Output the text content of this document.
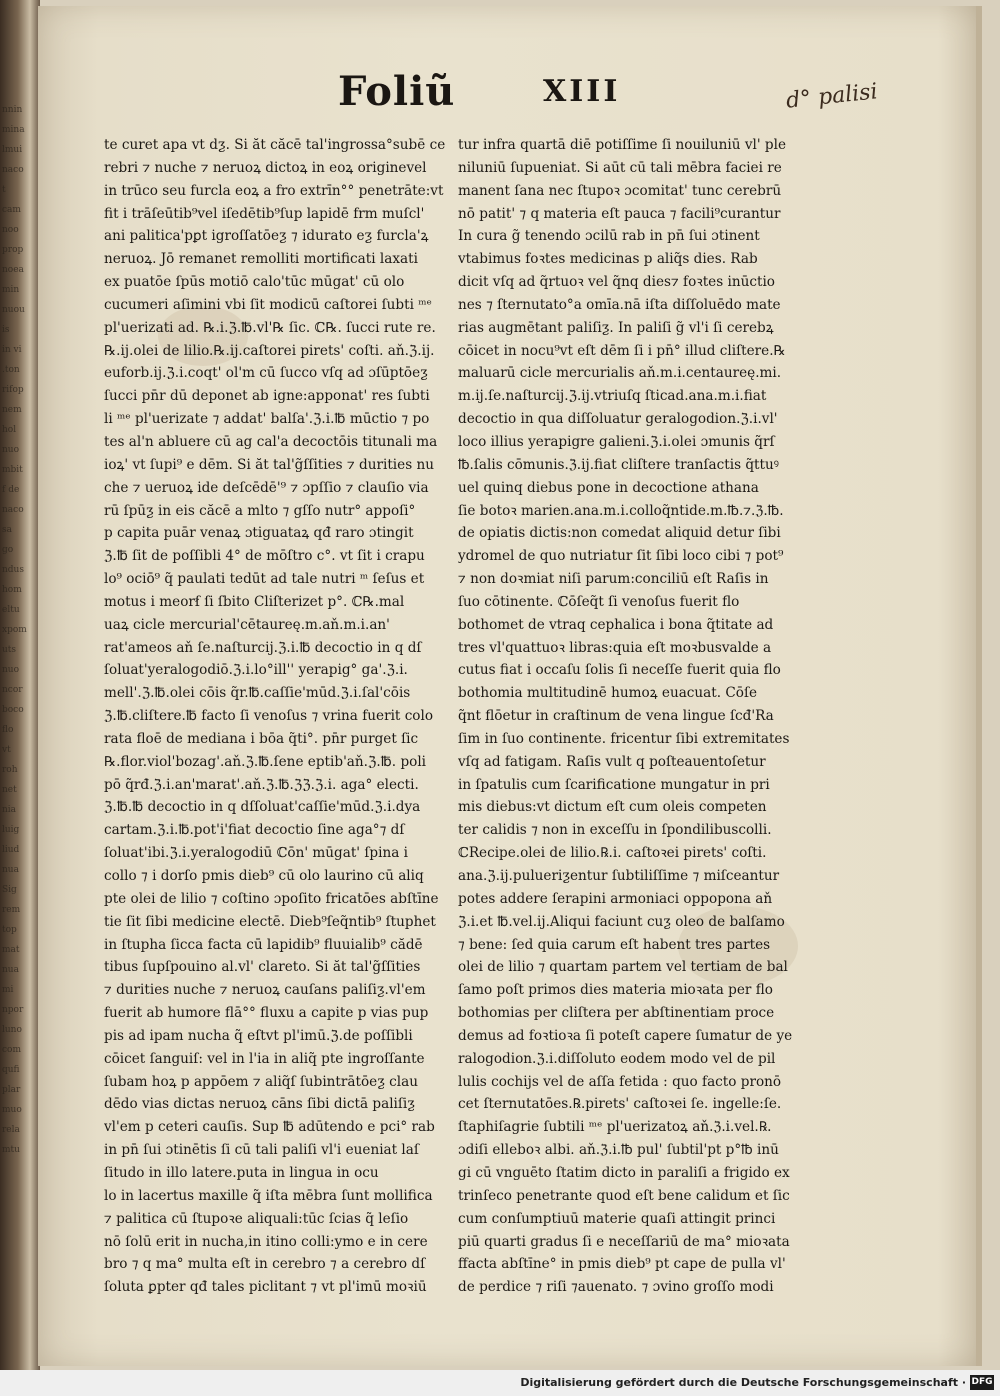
nnin
mina
lmui
naco
t
cam
noo
prop
noea
min
nuou
is
in vi
.ton
rifop
nem
hol
nuo
mbit
f de
naco
sa
go
ndus
hom
eltu
xpom
uts
nuo
ncor
boco
flo
vt
roh
net
nia
luig
liud
nua
Sig
rem
top
mat
nua
mi
npor
luno
com
qufi
plar
muo
rela
mtu
Foliũ	XIII	d° palisi
te curet apa vt dƺ. Si ăt căcē tal'ingrossa°subē ce
rebri ⁊ nuche ⁊ neruoꝝ dictoꝝ in eoꝝ originevel
in trūco seu furcla eoꝝ a fro extrīn°° penetrāte:vt
fit i trāſeūtib⁹vel iſedētib⁹ſup lapidē frm muſcl'
ani palitica'pꝑt igroſſatōeƺ ⁊ idurato eƺ furcla'ꝝ
neruoꝝ. Jō remanet remolliti mortificati laxati
ex puatōe ſpūs motiō calo'tūc mūgat' cū olo
cucumeri aſimini vbi ſit modicū caſtorei ſubti ᵐᵉ
pl'uerizati ad. ℞.i.ℨ.℔.vl'℞ ſic. ℂ℞. ſucci rute re.
℞.ij.olei de lilio.℞.ij.caſtorei pirets' coſti. aň.ℨ.ij.
euforb.ij.ℨ.i.coqt' ol'm cū ſucco vſq ad ɔſūptōeƺ
ſucci pn̄r dū deponet ab igne:apponat' res ſubti
li ᵐᵉ pl'uerizate ⁊ addat' balſa'.ℨ.i.℔ mūctio ⁊ po
tes al'n abluere cū ag cal'a decoctōis titunali ma
ioꝝ' vt ſupi⁹ e dēm. Si ăt tal'g̃ſſities ⁊ durities nu
che ⁊ ueruoꝝ ide deſcēdē'⁹ ⁊ ɔpſſio ⁊ clauſio via
rū ſpūƺ in eis căcē a mlto ⁊ gſſo nutr° appoſi°
p capita puār venaꝝ ɔtiguataꝝ qđ raro ɔtingit
ℨ.℔ ſit de poſſibli 4° de mōſtro c°. vt ſit i crapu
lo⁹ ociō⁹ q̃ paulati tedūt ad tale nutri ᵐ ſeſus et
motus i meorẜ ſi ſbito Cliſterizet p°. ℂ℞.mal
uaꝝ cicle mercurial'cētaureę.m.aň.m.i.an'
rat'ameos aň ſe.naſturcij.ℨ.i.℔ decoctio in q dſ
ſoluat'yeralogodiō.ℨ.i.lo°ill'' yerapig° ga'.ℨ.i.
mell'.ℨ.℔.olei cōis q̃r.℔.caſſie'mūd.ℨ.i.ſal'cōis
ℨ.℔.cliſtere.℔ facto ſi venoſus ⁊ vrina fuerit colo
rata floē de mediana i bōa q̃ti°. pn̄r purget ſic
℞.flor.viol'bozag'.aň.ℨ.℔.ſene eptib'aň.ℨ.℔. poli
pō q̃rđ.ℨ.i.an'marat'.aň.ℨ.℔.ℨℨ.ℨ.i. aga° electi.
ℨ.℔.℔ decoctio in q dſſoluat'caſſie'mūd.ℨ.i.dya
cartam.ℨ.i.℔.pot'i'fiat decoctio ſine aga°⁊ dſ
ſoluat'ibi.ℨ.i.yeralogodiū ℂōn' mūgat' ſpina i
collo ⁊ i dorſo pmis dieb⁹ cū olo laurino cū aliq
pte olei de lilio ⁊ coſtino ɔpoſito fricatōes abſtīne
tie ſit ſibi medicine electē. Dieb⁹ſeq̃ntib⁹ ſtuphet
in ſtupha ſicca facta cū lapidib⁹ fluuialib⁹ cădē
tibus ſupſpouino al.vl' clareto. Si ăt tal'g̃ſſities
⁊ durities nuche ⁊ neruoꝝ cauſans paliſiƺ.vl'em
fuerit ab humore flā°° fluxu a capite p vias pup
pis ad ipam nucha q̃ eſtvt pl'imū.ℨ.de poſſibli
cōicet ſanguiſ: vel in l'ia in aliq̃ pte ingroſſante
ſubam hoꝝ p appōem ⁊ aliq̃ſ ſubintrātōeƺ clau
dēdo vias dictas neruoꝝ cāns ſibi dictā paliſiƺ
vl'em p ceteri cauſis. Sup ℔ adūtendo e pci° rab
in pn̄ ſui ɔtinētis ſi cū tali paliſi vl'i eueniat laſ
ſitudo in illo latere.puta in lingua in ocu
lo in lacertus maxille q̃ iſta mēbra ſunt mollifica
⁊ palitica cū ſtupoꝛe aliquali:tūc ſcias q̃ leſio
nō ſolū erit in nucha,in itino colli:ymo e in cere
bro ⁊ q ma° multa eſt in cerebro ⁊ a cerebro dſ
ſoluta ꝑpter qđ tales piclitant ⁊ vt pl'imū moꝛiū
tur infra quartā diē potiſſime ſi nouiluniū vl' ple
niluniū ſupueniat. Si aūt cū tali mēbra faciei re
manent ſana nec ſtupoꝛ ɔcomitat' tunc cerebrū
nō patit' ⁊ q materia eſt pauca ⁊ facili⁹curantur
In cura g̃ tenendo ɔcilū rab in pn̄ ſui ɔtinent
vtabimus foꝛtes medicinas p aliq̃s dies. Rab
dicit vſq ad q̃rtuoꝛ vel q̃nq dies⁊ foꝛtes inūctio
nes ⁊ ſternutato°a omīa.nā iſta diſſoluēdo mate
rias augmētant paliſiƺ. In paliſi g̃ vl'i ſi cerebꝝ
cōicet in nocu⁹vt eſt dēm ſi i pn̄° illud cliſtere.℞
maluarū cicle mercurialis aň.m.i.centaureę.mi.
m.ij.ſe.naſturcij.ℨ.ij.vtriuſq ſticad.ana.m.i.fiat
decoctio in qua diſſoluatur geralogodion.ℨ.i.vl'
loco illius yerapigre galieni.ℨ.i.olei ɔmunis q̃rſ
℔.ſalis cōmunis.ℨ.ij.fiat cliſtere tranſactis q̃ttuꝰ
uel quinq diebus pone in decoctione athana
ſie botoꝛ marien.ana.m.i.colloq̃ntide.m.℔.⁊.ℨ.℔.
de opiatis dictis:non comedat aliquid detur ſibi
ydromel de quo nutriatur ſit ſibi loco cibi ⁊ pot⁹
⁊ non doꝛmiat niſi parum:conciliū eſt Raſis in
ſuo cōtinente. ℂōſeq̃t ſi venoſus fuerit flo
bothomet de vtraq cephalica i bona q̃titate ad
tres vl'quattuoꝛ libras:quia eſt moꝛbusvalde a
cutus fiat i occaſu ſolis ſi neceſſe fuerit quia flo
bothomia multitudinē humoꝝ euacuat. Cōſe
q̃nt flōetur in craſtinum de vena lingue ſcđ'Ra
ſim in ſuo continente. fricentur ſibi extremitates
vſq ad fatigam. Raſis vult q poſteauentoſetur
in ſpatulis cum ſcarificatione mungatur in pri
mis diebus:vt dictum eſt cum oleis competen
ter calidis ⁊ non in exceſſu in ſpondilibuscolli.
ℂRecipe.olei de lilio.℞.i. caſtoꝛei pirets' coſti.
ana.ℨ.ij.pulueriƺentur ſubtiliſſime ⁊ miſceantur
potes addere ſerapini armoniaci oppopona aň
ℨ.i.et ℔.vel.ij.Aliqui faciunt cuƺ oleo de balſamo
⁊ bene: ſed quia carum eſt habent tres partes
olei de lilio ⁊ quartam partem vel tertiam de bal
ſamo poſt primos dies materia mioꝛata per flo
bothomias per cliſtera per abſtinentiam proce
demus ad foꝛtioꝛa ſi poteſt capere ſumatur de ye
ralogodion.ℨ.i.diſſoluto eodem modo vel de pil
lulis cochijs vel de aſſa fetida : quo facto pronō
cet ſternutatōes.℞.pirets' caſtoꝛei ſe. ingelle:ſe.
ſtaphiſagrie ſubtili ᵐᵉ pl'uerizatoꝝ aň.ℨ.i.vel.℞.
ɔdiſi elleboꝛ albi. aň.ℨ.i.℔ pul' ſubtil'pt p°℔ inū
gi cū vnguēto ſtatim dicto in paraliſi a frigido ex
trinſeco penetrante quod eſt bene calidum et ſic
cum conſumptiuū materie quaſi attingit princi
piū quarti gradus ſi e neceſſariū de ma° mioꝛata
ffacta abſtīne° in pmis dieb⁹ pt cape de pulla vl'
de perdice ⁊ riſi ⁊auenato. ⁊ ɔvino groſſo modi
Digitalisierung gefördert durch die Deutsche Forschungsgemeinschaft · DFG
